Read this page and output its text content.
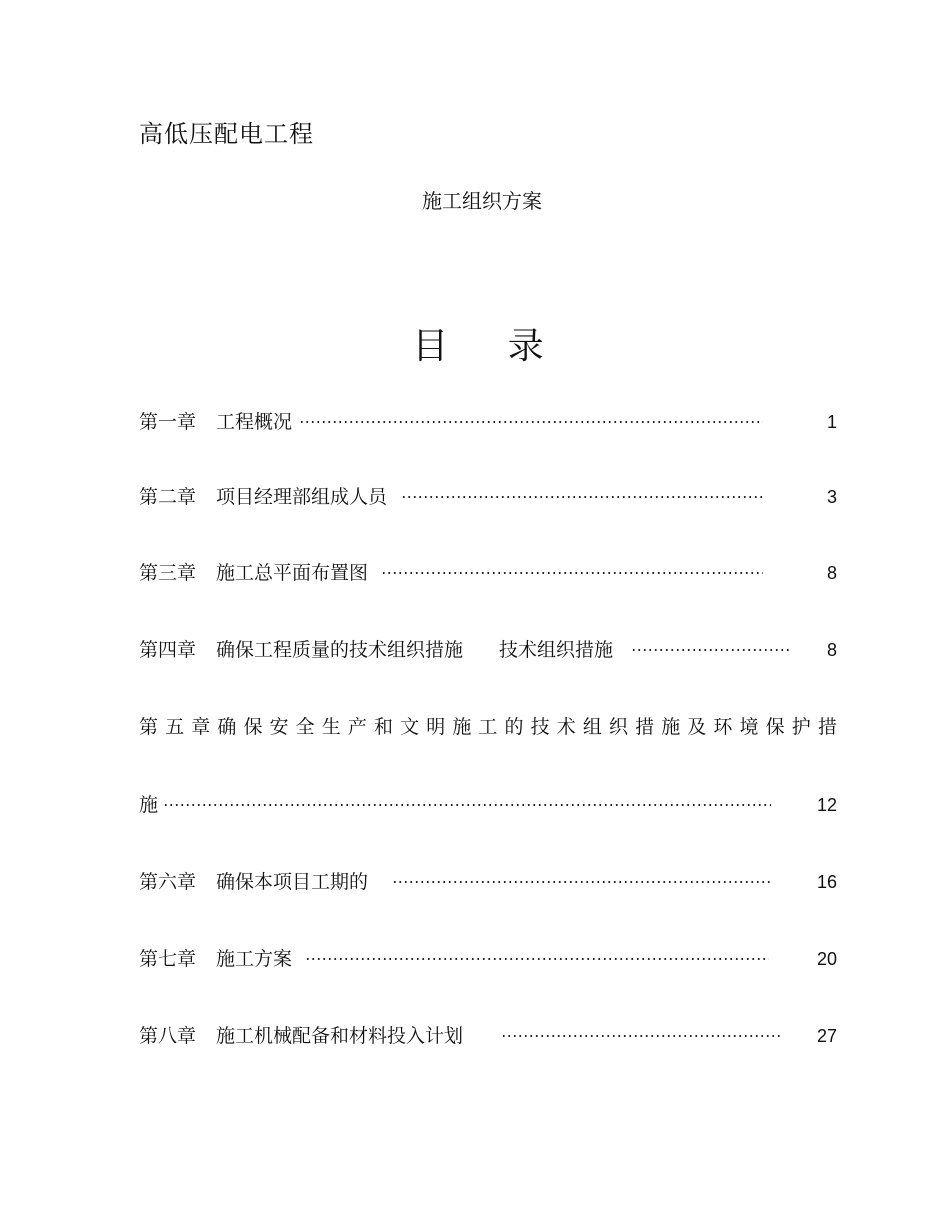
高低压配电工程
施工组织方案
目 录
第一章 工程概况	1
第二章 项目经理部组成人员	3
第三章 施工总平面布置图	8
第四章 确保工程质量的技术组织措施 技术组织措施	8
第 五 章 确 保 安 全 生 产 和 文 明 施 工 的 技 术 组 织 措 施 及 环 境 保 护 措
施	12
第六章 确保本项目工期的	16
第七章 施工方案	20
第八章 施工机械配备和材料投入计划	27
